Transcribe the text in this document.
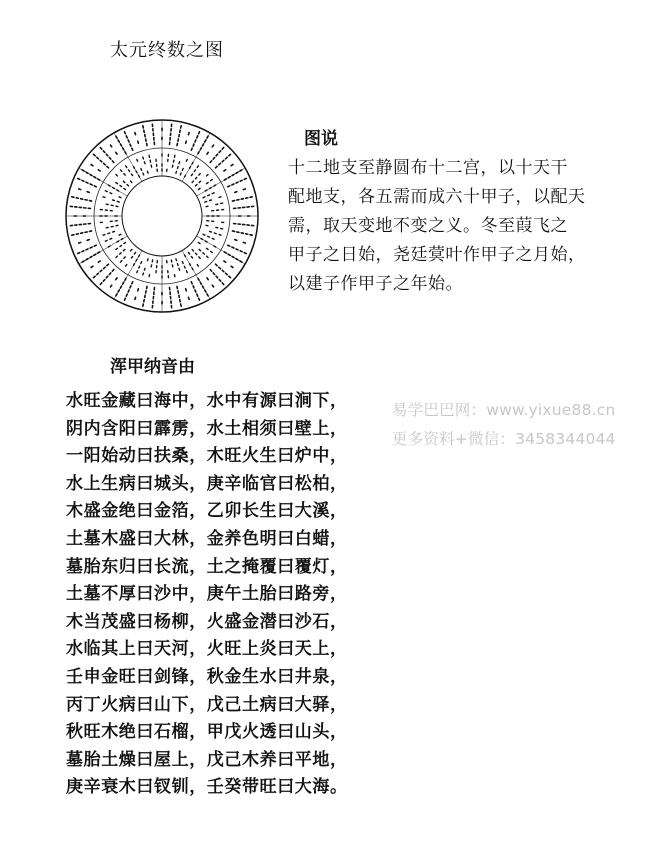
太元终数之图
图说
十二地支至静圆布十二宫，以十天干
配地支，各五需而成六十甲子，以配天
需，取天变地不变之义。冬至葭飞之
甲子之日始，尧廷蓂叶作甲子之月始，
以建子作甲子之年始。
浑甲纳音由
水旺金藏曰海中，水中有源曰涧下，
阴内含阳曰霹雳，水土相须曰壁上，
一阳始动曰扶桑，木旺火生曰炉中，
水上生病曰城头，庚辛临官曰松柏，
木盛金绝曰金箔，乙卯长生曰大溪，
土墓木盛曰大林，金养色明曰白蜡，
墓胎东归曰长流，土之掩覆曰覆灯，
土墓不厚曰沙中，庚午土胎曰路旁，
木当茂盛曰杨柳，火盛金潜曰沙石，
水临其上曰天河，火旺上炎曰天上，
壬申金旺曰剑锋，秋金生水曰井泉，
丙丁火病曰山下，戊己土病曰大驿，
秋旺木绝曰石榴，甲戊火透曰山头，
墓胎土燥曰屋上，戊己木养曰平地，
庚辛衰木曰钗钏，壬癸带旺曰大海。
易学巴巴网：www.yixue88.cn
更多资料+微信：3458344044
